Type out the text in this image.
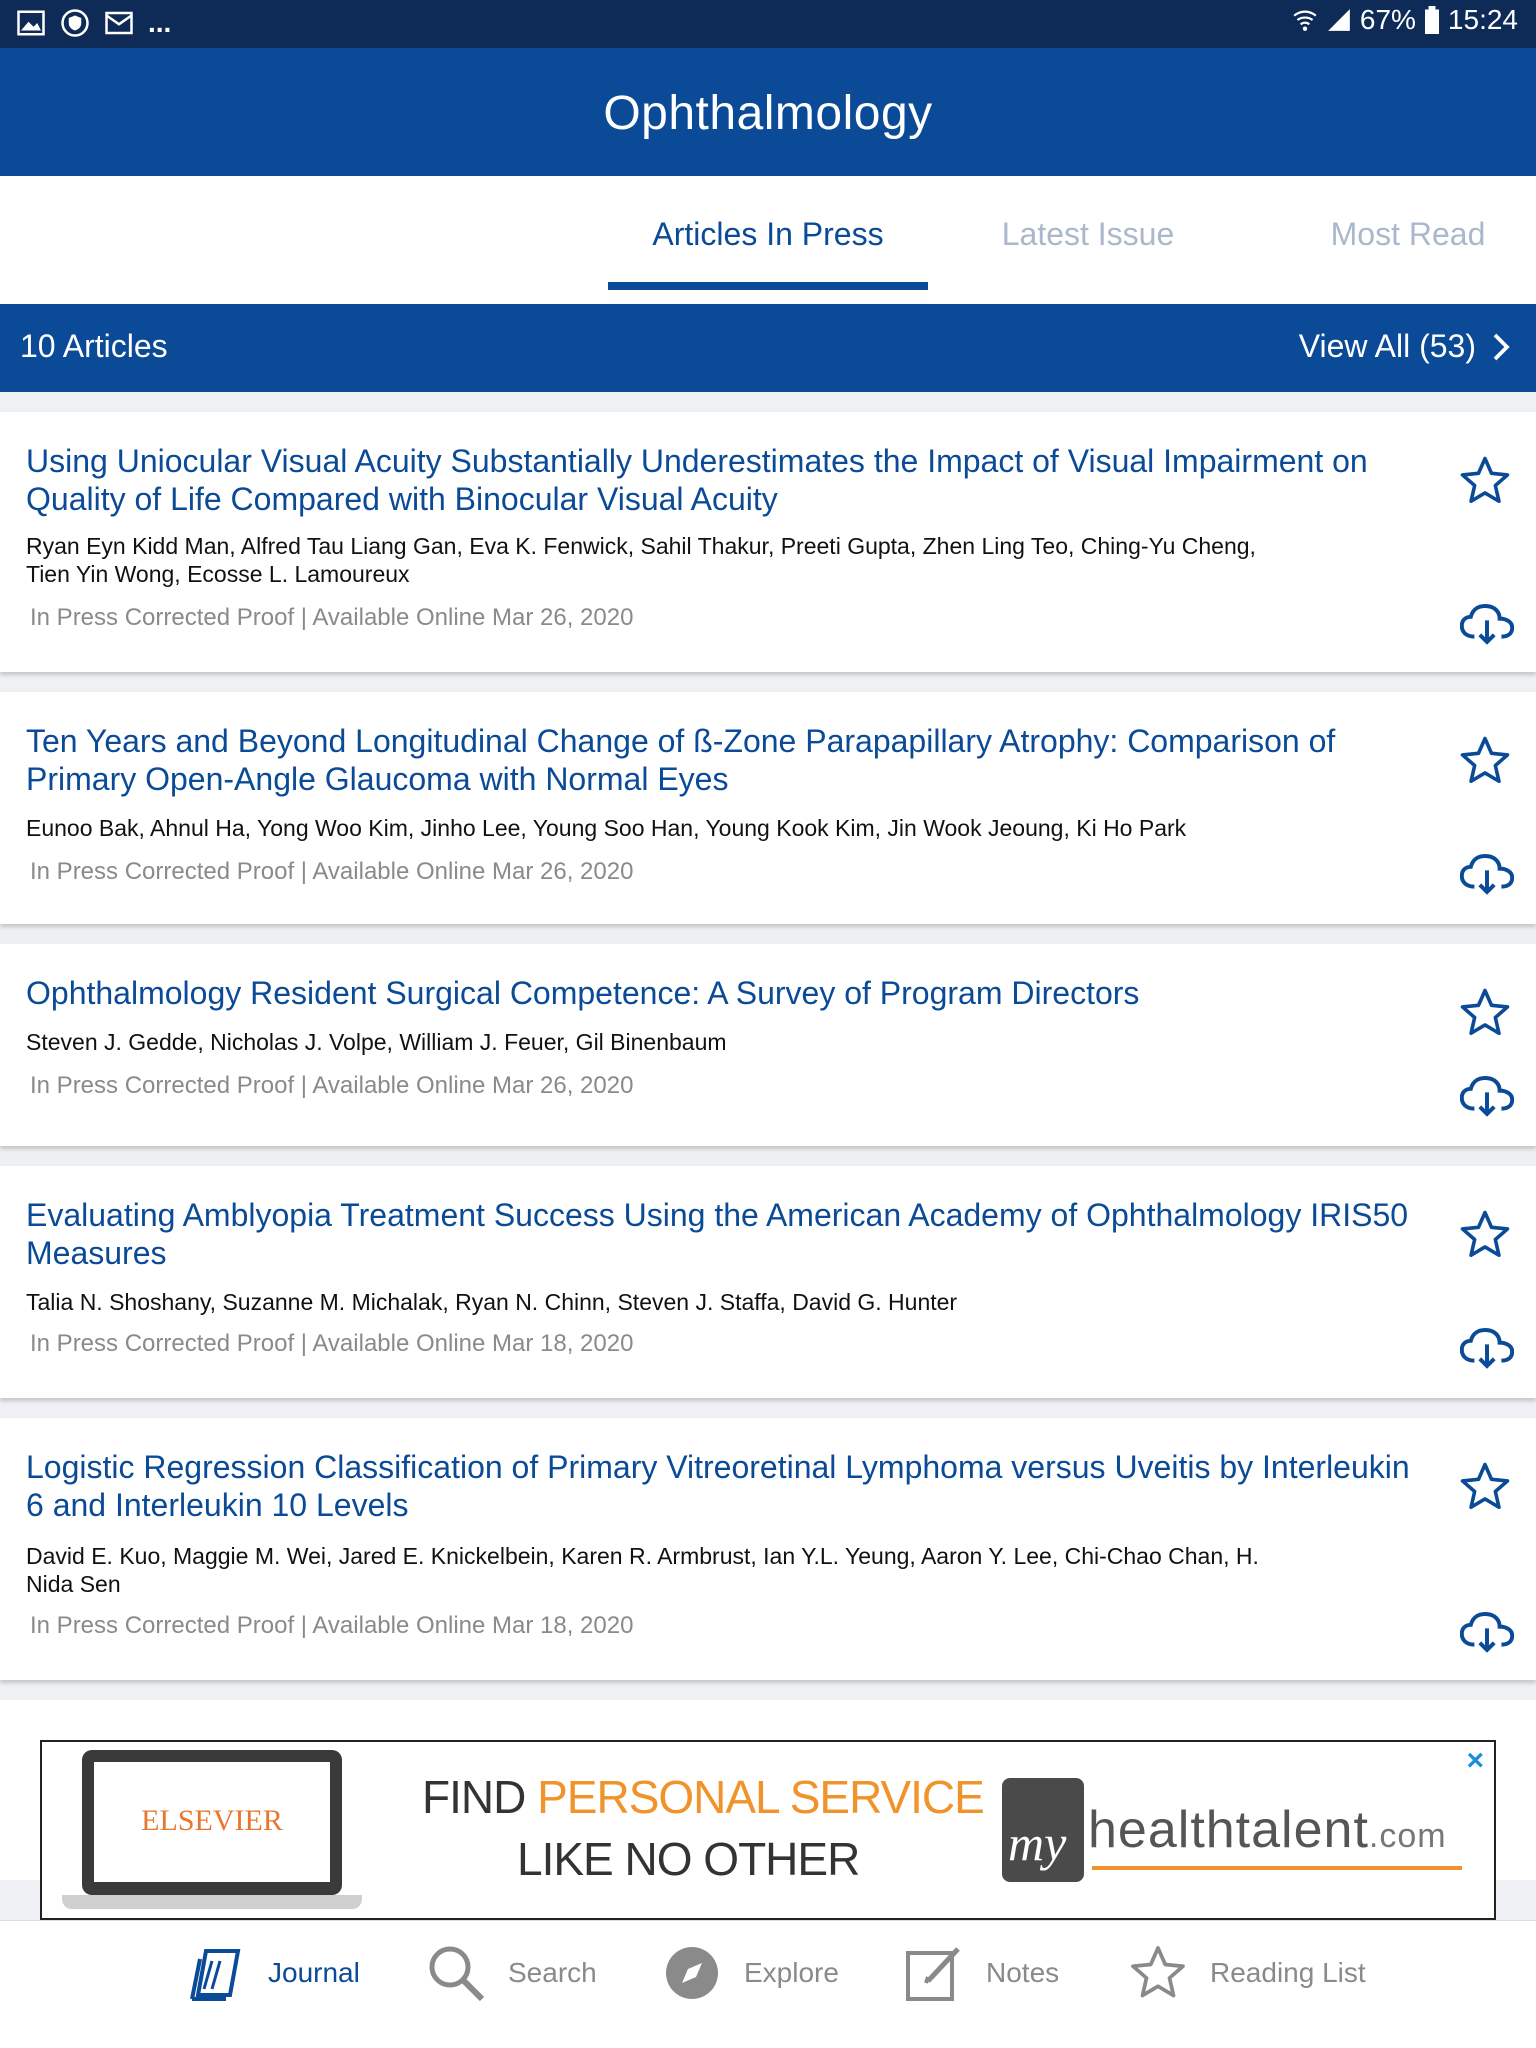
...	67% 15:24
Ophthalmology
Articles In Press	Latest Issue	Most Read
10 Articles	View All (53)
Using Uniocular Visual Acuity Substantially Underestimates the Impact of Visual Impairment on Quality of Life Compared with Binocular Visual Acuity
Ryan Eyn Kidd Man, Alfred Tau Liang Gan, Eva K. Fenwick, Sahil Thakur, Preeti Gupta, Zhen Ling Teo, Ching-Yu Cheng, Tien Yin Wong, Ecosse L. Lamoureux
In Press Corrected Proof | Available Online Mar 26, 2020
Ten Years and Beyond Longitudinal Change of ß-Zone Parapapillary Atrophy: Comparison of Primary Open-Angle Glaucoma with Normal Eyes
Eunoo Bak, Ahnul Ha, Yong Woo Kim, Jinho Lee, Young Soo Han, Young Kook Kim, Jin Wook Jeoung, Ki Ho Park
In Press Corrected Proof | Available Online Mar 26, 2020
Ophthalmology Resident Surgical Competence: A Survey of Program Directors
Steven J. Gedde, Nicholas J. Volpe, William J. Feuer, Gil Binenbaum
In Press Corrected Proof | Available Online Mar 26, 2020
Evaluating Amblyopia Treatment Success Using the American Academy of Ophthalmology IRIS50 Measures
Talia N. Shoshany, Suzanne M. Michalak, Ryan N. Chinn, Steven J. Staffa, David G. Hunter
In Press Corrected Proof | Available Online Mar 18, 2020
Logistic Regression Classification of Primary Vitreoretinal Lymphoma versus Uveitis by Interleukin 6 and Interleukin 10 Levels
David E. Kuo, Maggie M. Wei, Jared E. Knickelbein, Karen R. Armbrust, Ian Y.L. Yeung, Aaron Y. Lee, Chi-Chao Chan, H. Nida Sen
In Press Corrected Proof | Available Online Mar 18, 2020
ELSEVIER	FIND PERSONAL SERVICE
LIKE NO OTHER	my healthtalent.com
×
Journal	Search	Explore	Notes	Reading List
